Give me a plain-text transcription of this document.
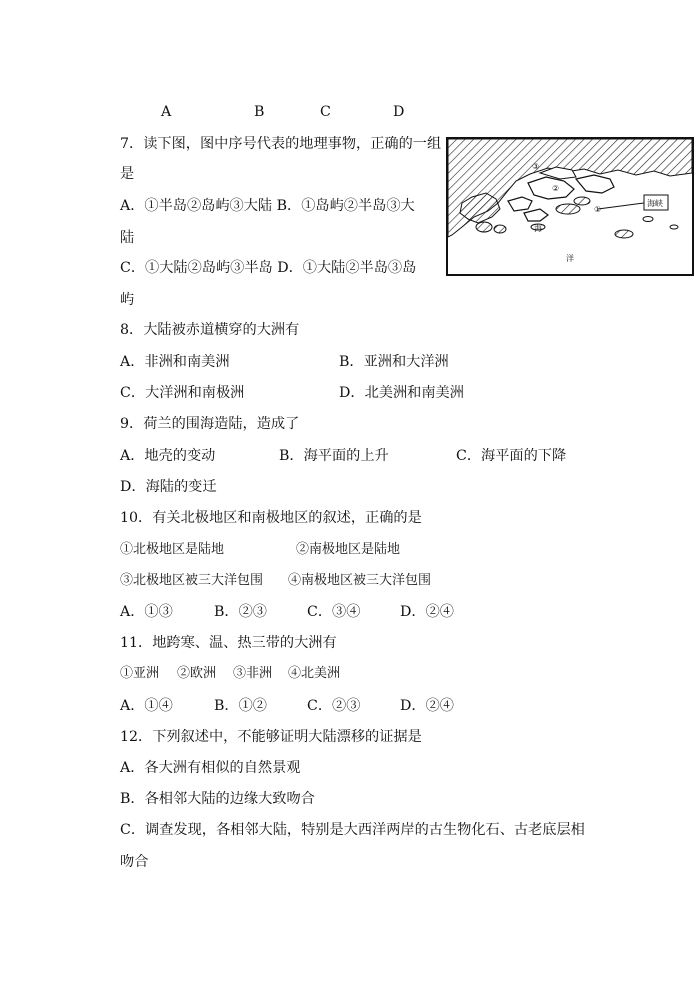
A	B	C	D
7．读下图，图中序号代表的地理事物，正确的一组
是
A．①半岛②岛屿③大陆 B．①岛屿②半岛③大
陆
C．①大陆②岛屿③半岛 D．①大陆②半岛③岛
屿
海峡
①
②
③
海
洋
8．大陆被赤道横穿的大洲有
A．非洲和南美洲	B．亚洲和大洋洲
C．大洋洲和南极洲	D．北美洲和南美洲
9．荷兰的围海造陆，造成了
A．地壳的变动	B．海平面的上升	C．海平面的下降
D．海陆的变迁
10．有关北极地区和南极地区的叙述，正确的是
①北极地区是陆地	②南极地区是陆地
③北极地区被三大洋包围 ④南极地区被三大洋包围
A．①③	B．②③	C．③④	D．②④
11．地跨寒、温、热三带的大洲有
①亚洲 ②欧洲 ③非洲 ④北美洲
A．①④	B．①②	C．②③	D．②④
12．下列叙述中，不能够证明大陆漂移的证据是
A．各大洲有相似的自然景观
B．各相邻大陆的边缘大致吻合
C．调查发现，各相邻大陆，特别是大西洋两岸的古生物化石、古老底层相
吻合
